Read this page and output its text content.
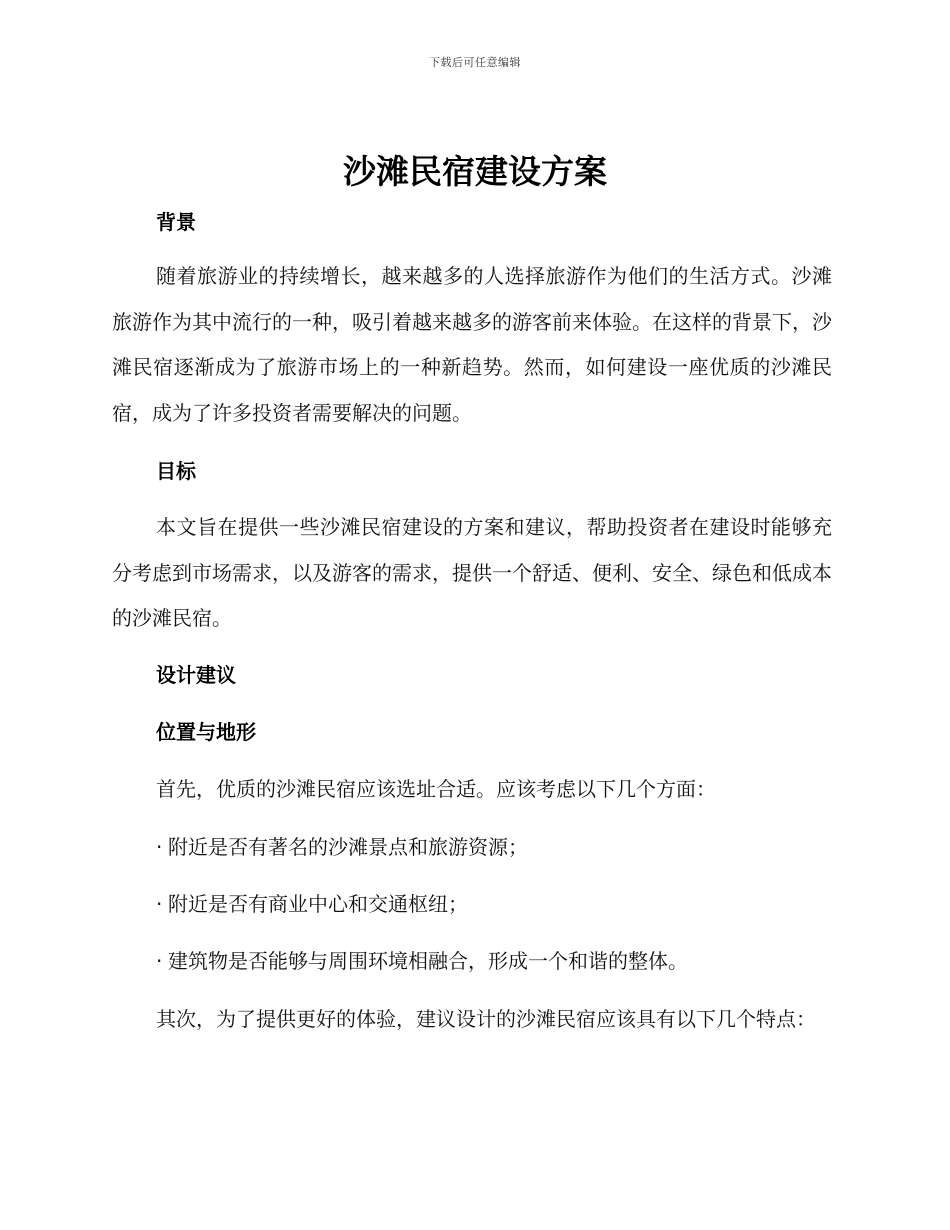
下载后可任意编辑
沙滩民宿建设方案
背景
随着旅游业的持续增长，越来越多的人选择旅游作为他们的生活方式。沙滩旅游作为其中流行的一种，吸引着越来越多的游客前来体验。在这样的背景下，沙滩民宿逐渐成为了旅游市场上的一种新趋势。然而，如何建设一座优质的沙滩民宿，成为了许多投资者需要解决的问题。
目标
本文旨在提供一些沙滩民宿建设的方案和建议，帮助投资者在建设时能够充分考虑到市场需求，以及游客的需求，提供一个舒适、便利、安全、绿色和低成本的沙滩民宿。
设计建议
位置与地形
首先，优质的沙滩民宿应该选址合适。应该考虑以下几个方面：
· 附近是否有著名的沙滩景点和旅游资源；
· 附近是否有商业中心和交通枢纽；
· 建筑物是否能够与周围环境相融合，形成一个和谐的整体。
其次，为了提供更好的体验，建议设计的沙滩民宿应该具有以下几个特点：
